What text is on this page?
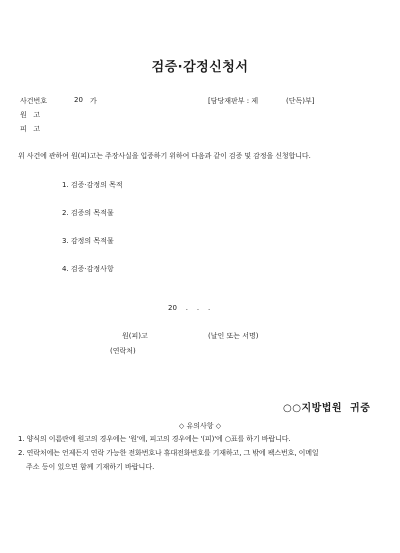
검증·감정신청서
사건번호	20 가	[담당재판부 : 제	(단독)부]
원   고
피   고
위 사건에 관하여 원(피)고는 주장사실을 입증하기 위하여 다음과 같이 검증 및 감정을 신청합니다.
1. 검증·감정의 목적
2. 검증의 목적물
3. 감정의 목적물
4. 검증·감정사항
20    .    .    .
원(피)고	(날인 또는 서명)
(연락처)
○○지방법원  귀중
◇ 유의사항 ◇
1. 양식의 이름란에 원고의 경우에는 '원'에, 피고의 경우에는 '(피)'에 ○표를 하기 바랍니다.
2. 연락처에는 언제든지 연락 가능한 전화번호나 휴대전화번호를 기재하고, 그 밖에 팩스번호, 이메일
주소 등이 있으면 함께 기재하기 바랍니다.
